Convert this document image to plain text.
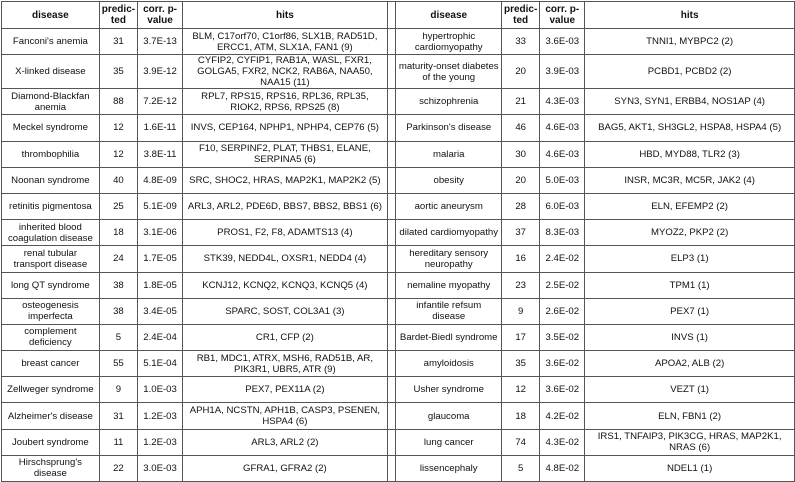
disease	predicted	corr. p-value	hits		disease	predicted	corr. p-value	hits
Fanconi's anemia	31	3.7E-13	BLM, C17orf70, C1orf86, SLX1B, RAD51D, ERCC1, ATM, SLX1A, FAN1 (9)		hypertrophic cardiomyopathy	33	3.6E-03	TNNI1, MYBPC2 (2)
X-linked disease	35	3.9E-12	CYFIP2, CYFIP1, RAB1A, WASL, FXR1, GOLGA5, FXR2, NCK2, RAB6A, NAA50, NAA15 (11)		maturity-onset diabetes of the young	20	3.9E-03	PCBD1, PCBD2 (2)
Diamond-Blackfan anemia	88	7.2E-12	RPL7, RPS15, RPS16, RPL36, RPL35, RIOK2, RPS6, RPS25 (8)		schizophrenia	21	4.3E-03	SYN3, SYN1, ERBB4, NOS1AP (4)
Meckel syndrome	12	1.6E-11	INVS, CEP164, NPHP1, NPHP4, CEP76 (5)		Parkinson's disease	46	4.6E-03	BAG5, AKT1, SH3GL2, HSPA8, HSPA4 (5)
thrombophilia	12	3.8E-11	F10, SERPINF2, PLAT, THBS1, ELANE, SERPINA5 (6)		malaria	30	4.6E-03	HBD, MYD88, TLR2 (3)
Noonan syndrome	40	4.8E-09	SRC, SHOC2, HRAS, MAP2K1, MAP2K2 (5)		obesity	20	5.0E-03	INSR, MC3R, MC5R, JAK2 (4)
retinitis pigmentosa	25	5.1E-09	ARL3, ARL2, PDE6D, BBS7, BBS2, BBS1 (6)		aortic aneurysm	28	6.0E-03	ELN, EFEMP2 (2)
inherited blood coagulation disease	18	3.1E-06	PROS1, F2, F8, ADAMTS13 (4)		dilated cardiomyopathy	37	8.3E-03	MYOZ2, PKP2 (2)
renal tubular transport disease	24	1.7E-05	STK39, NEDD4L, OXSR1, NEDD4 (4)		hereditary sensory neuropathy	16	2.4E-02	ELP3 (1)
long QT syndrome	38	1.8E-05	KCNJ12, KCNQ2, KCNQ3, KCNQ5 (4)		nemaline myopathy	23	2.5E-02	TPM1 (1)
osteogenesis imperfecta	38	3.4E-05	SPARC, SOST, COL3A1 (3)		infantile refsum disease	9	2.6E-02	PEX7 (1)
complement deficiency	5	2.4E-04	CR1, CFP (2)		Bardet-Biedl syndrome	17	3.5E-02	INVS (1)
breast cancer	55	5.1E-04	RB1, MDC1, ATRX, MSH6, RAD51B, AR, PIK3R1, UBR5, ATR (9)		amyloidosis	35	3.6E-02	APOA2, ALB (2)
Zellweger syndrome	9	1.0E-03	PEX7, PEX11A (2)		Usher syndrome	12	3.6E-02	VEZT (1)
Alzheimer's disease	31	1.2E-03	APH1A, NCSTN, APH1B, CASP3, PSENEN, HSPA4 (6)		glaucoma	18	4.2E-02	ELN, FBN1 (2)
Joubert syndrome	11	1.2E-03	ARL3, ARL2 (2)		lung cancer	74	4.3E-02	IRS1, TNFAIP3, PIK3CG, HRAS, MAP2K1, NRAS (6)
Hirschsprung's disease	22	3.0E-03	GFRA1, GFRA2 (2)		lissencephaly	5	4.8E-02	NDEL1 (1)
